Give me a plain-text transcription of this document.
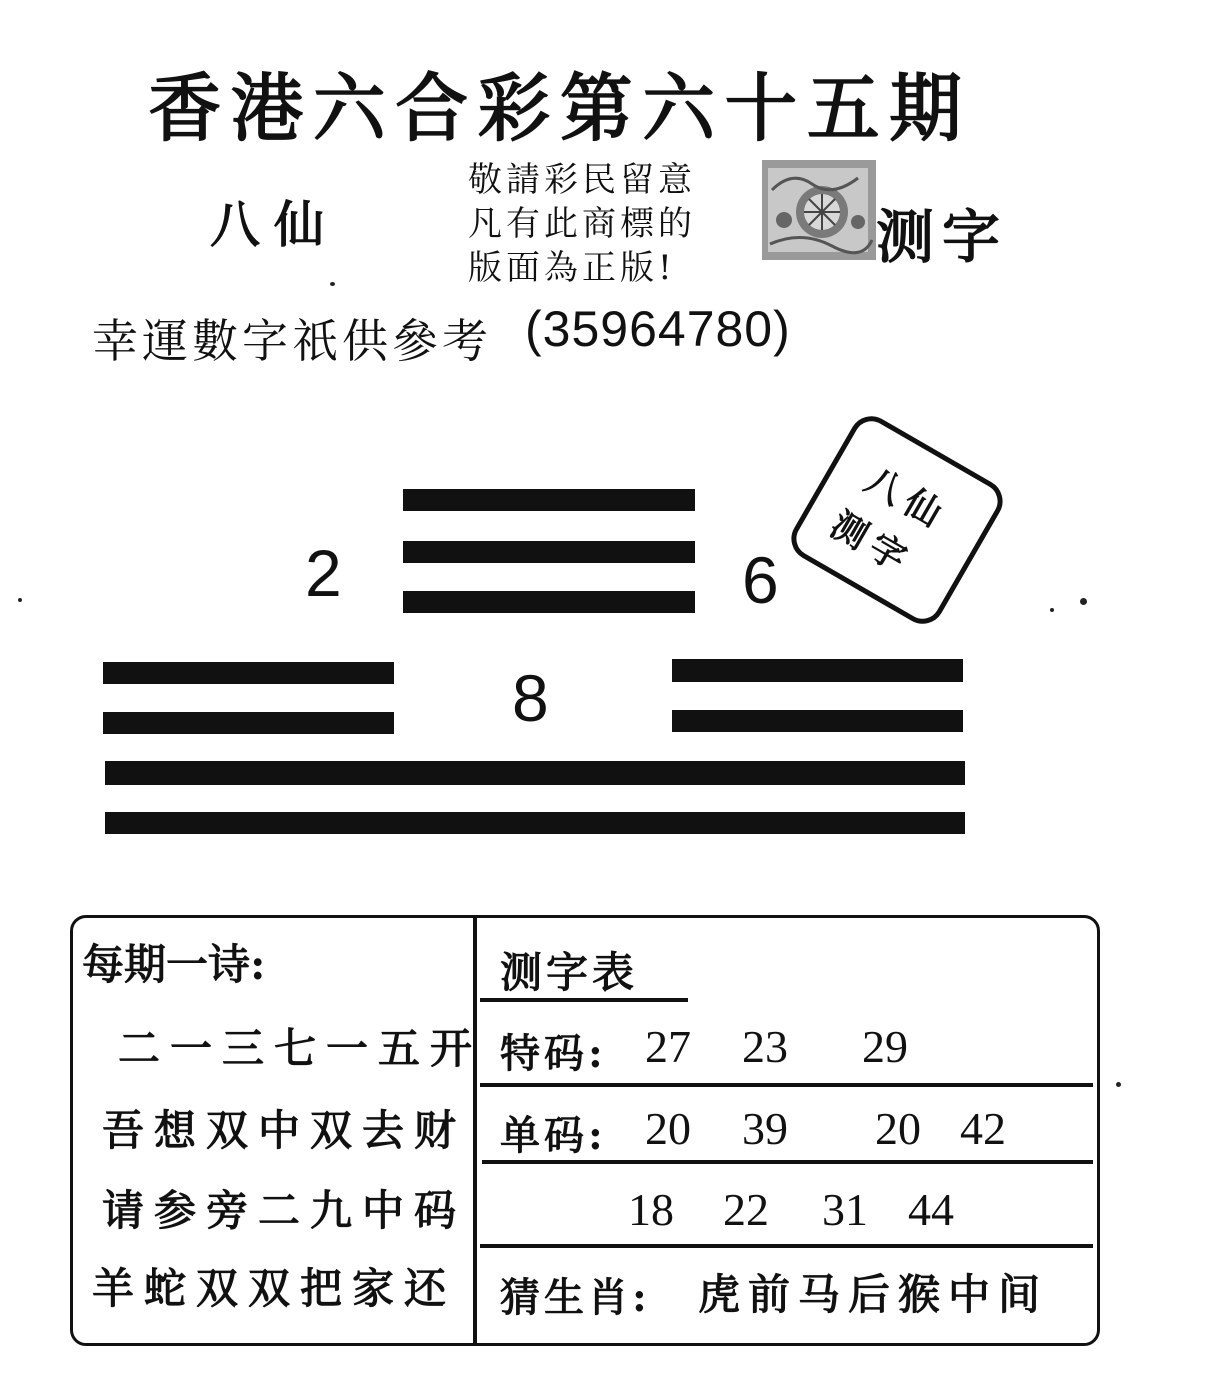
香港六合彩第六十五期
八仙
敬請彩民留意
凡有此商標的
版面為正版!	测字
幸運數字祇供參考 (35964780)
2	6
8
八仙
测字
每期一诗:
二一三七一五开
吾想双中双去财
请参旁二九中码
羊蛇双双把家还
测字表
特码: 27 23 29
单码: 20 39 20 42
18 22 31 44
猜生肖: 虎前马后猴中间
